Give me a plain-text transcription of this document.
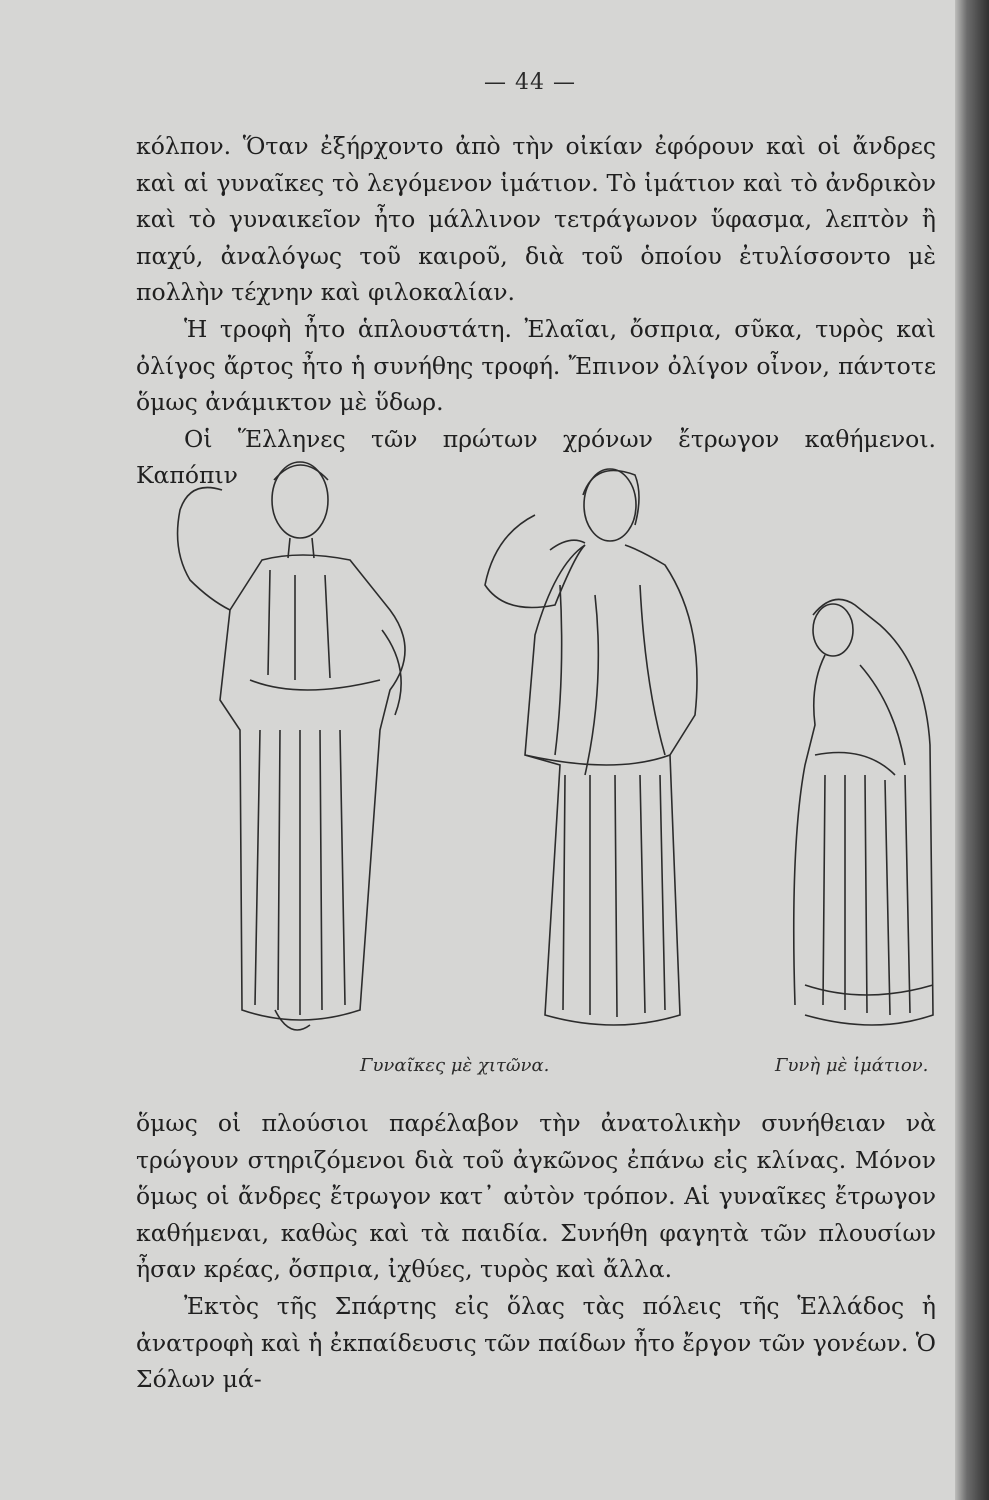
— 44 —

κόλπον. Ὅταν ἐξήρχοντο ἀπὸ τὴν οἰκίαν ἐφόρουν καὶ οἱ ἄνδρες καὶ αἱ γυναῖκες τὸ λεγόμενον ἱμάτιον. Τὸ ἱμάτιον καὶ τὸ ἀνδρικὸν καὶ τὸ γυναικεῖον ἦτο μάλλινον τετράγωνον ὕφασμα, λεπτὸν ἢ παχύ, ἀναλόγως τοῦ καιροῦ, διὰ τοῦ ὁποίου ἐτυλίσσοντο μὲ πολλὴν τέχνην καὶ φιλοκαλίαν.

Ἡ τροφὴ ἦτο ἁπλουστάτη. Ἐλαῖαι, ὄσπρια, σῦκα, τυρὸς καὶ ὀλίγος ἄρτος ἦτο ἡ συνήθης τροφή. Ἔπινον ὀλίγον οἶνον, πάντοτε ὅμως ἀνάμικτον μὲ ὕδωρ.

Οἱ Ἕλληνες τῶν πρώτων χρόνων ἔτρωγον καθήμενοι. Καπόπιν

Γυναῖκες μὲ χιτῶνα.	Γυνὴ μὲ ἱμάτιον.

ὅμως οἱ πλούσιοι παρέλαβον τὴν ἀνατολικὴν συνήθειαν νὰ τρώγουν στηριζόμενοι διὰ τοῦ ἀγκῶνος ἐπάνω εἰς κλίνας. Μόνον ὅμως οἱ ἄνδρες ἔτρωγον κατ᾽ αὐτὸν τρόπον. Αἱ γυναῖκες ἔτρωγον καθήμεναι, καθὼς καὶ τὰ παιδία. Συνήθη φαγητὰ τῶν πλουσίων ἦσαν κρέας, ὄσπρια, ἰχθύες, τυρὸς καὶ ἄλλα.

Ἐκτὸς τῆς Σπάρτης εἰς ὅλας τὰς πόλεις τῆς Ἑλλάδος ἡ ἀνατροφὴ καὶ ἡ ἐκπαίδευσις τῶν παίδων ἦτο ἔργον τῶν γονέων. Ὁ Σόλων μά-
